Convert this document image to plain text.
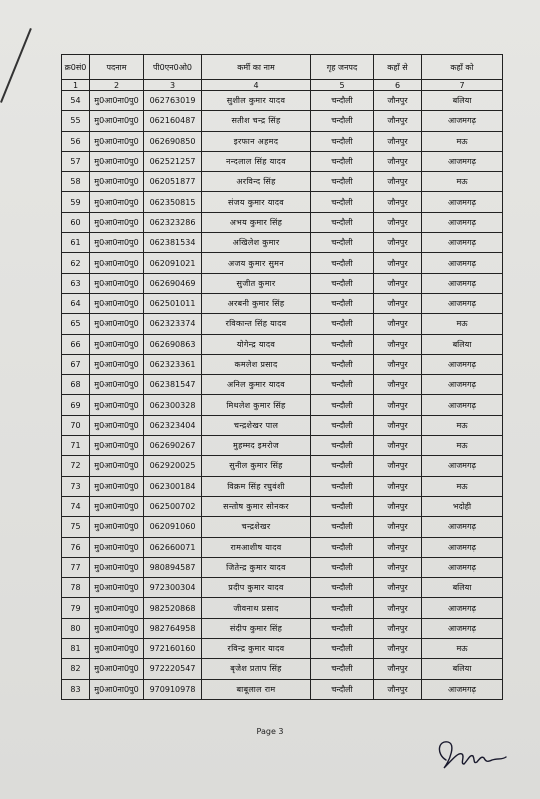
क्र0सं0	पदनाम	पी0एन0ओ0	कर्मी का नाम	गृह जनपद	कहाँ से	कहाँ को
1	2	3	4	5	6	7
54	मु0आ0ना0पु0	062763019	सुशील कुमार यादव	चन्दौली	जौनपुर	बलिया
55	मु0आ0ना0पु0	062160487	सतीश चन्द्र सिंह	चन्दौली	जौनपुर	आजमगढ़
56	मु0आ0ना0पु0	062690850	इरफान अहमद	चन्दौली	जौनपुर	मऊ
57	मु0आ0ना0पु0	062521257	नन्दलाल सिंह यादव	चन्दौली	जौनपुर	आजमगढ़
58	मु0आ0ना0पु0	062051877	अरविन्द सिंह	चन्दौली	जौनपुर	मऊ
59	मु0आ0ना0पु0	062350815	संजय कुमार यादव	चन्दौली	जौनपुर	आजमगढ़
60	मु0आ0ना0पु0	062323286	अभय कुमार सिंह	चन्दौली	जौनपुर	आजमगढ़
61	मु0आ0ना0पु0	062381534	अखिलेश कुमार	चन्दौली	जौनपुर	आजमगढ़
62	मु0आ0ना0पु0	062091021	अजय कुमार सुमन	चन्दौली	जौनपुर	आजमगढ़
63	मु0आ0ना0पु0	062690469	सुजीत कुमार	चन्दौली	जौनपुर	आजमगढ़
64	मु0आ0ना0पु0	062501011	अरबनी कुमार सिंह	चन्दौली	जौनपुर	आजमगढ़
65	मु0आ0ना0पु0	062323374	रविकान्त सिंह यादव	चन्दौली	जौनपुर	मऊ
66	मु0आ0ना0पु0	062690863	योगेन्द्र यादव	चन्दौली	जौनपुर	बलिया
67	मु0आ0ना0पु0	062323361	कमलेश प्रसाद	चन्दौली	जौनपुर	आजमगढ़
68	मु0आ0ना0पु0	062381547	अनिल कुमार यादव	चन्दौली	जौनपुर	आजमगढ़
69	मु0आ0ना0पु0	062300328	मिथलेश कुमार सिंह	चन्दौली	जौनपुर	आजमगढ़
70	मु0आ0ना0पु0	062323404	चन्द्रशेखर पाल	चन्दौली	जौनपुर	मऊ
71	मु0आ0ना0पु0	062690267	मुहम्मद इमरोज	चन्दौली	जौनपुर	मऊ
72	मु0आ0ना0पु0	062920025	सुनील कुमार सिंह	चन्दौली	जौनपुर	आजमगढ़
73	मु0आ0ना0पु0	062300184	विक्रम सिंह रघुवंशी	चन्दौली	जौनपुर	मऊ
74	मु0आ0ना0पु0	062500702	सन्तोष कुमार सोनकर	चन्दौली	जौनपुर	भदोही
75	मु0आ0ना0पु0	062091060	चन्द्रशेखर	चन्दौली	जौनपुर	आजमगढ़
76	मु0आ0ना0पु0	062660071	रामआशीष यादव	चन्दौली	जौनपुर	आजमगढ़
77	मु0आ0ना0पु0	980894587	जितेन्द्र कुमार यादव	चन्दौली	जौनपुर	आजमगढ़
78	मु0आ0ना0पु0	972300304	प्रदीप कुमार यादव	चन्दौली	जौनपुर	बलिया
79	मु0आ0ना0पु0	982520868	जीवनाथ प्रसाद	चन्दौली	जौनपुर	आजमगढ़
80	मु0आ0ना0पु0	982764958	संदीप कुमार सिंह	चन्दौली	जौनपुर	आजमगढ़
81	मु0आ0ना0पु0	972160160	रविन्द्र कुमार यादव	चन्दौली	जौनपुर	मऊ
82	मु0आ0ना0पु0	972220547	बृजेश प्रताप सिंह	चन्दौली	जौनपुर	बलिया
83	मु0आ0ना0पु0	970910978	बाबूलाल राम	चन्दौली	जौनपुर	आजमगढ़
Page 3
